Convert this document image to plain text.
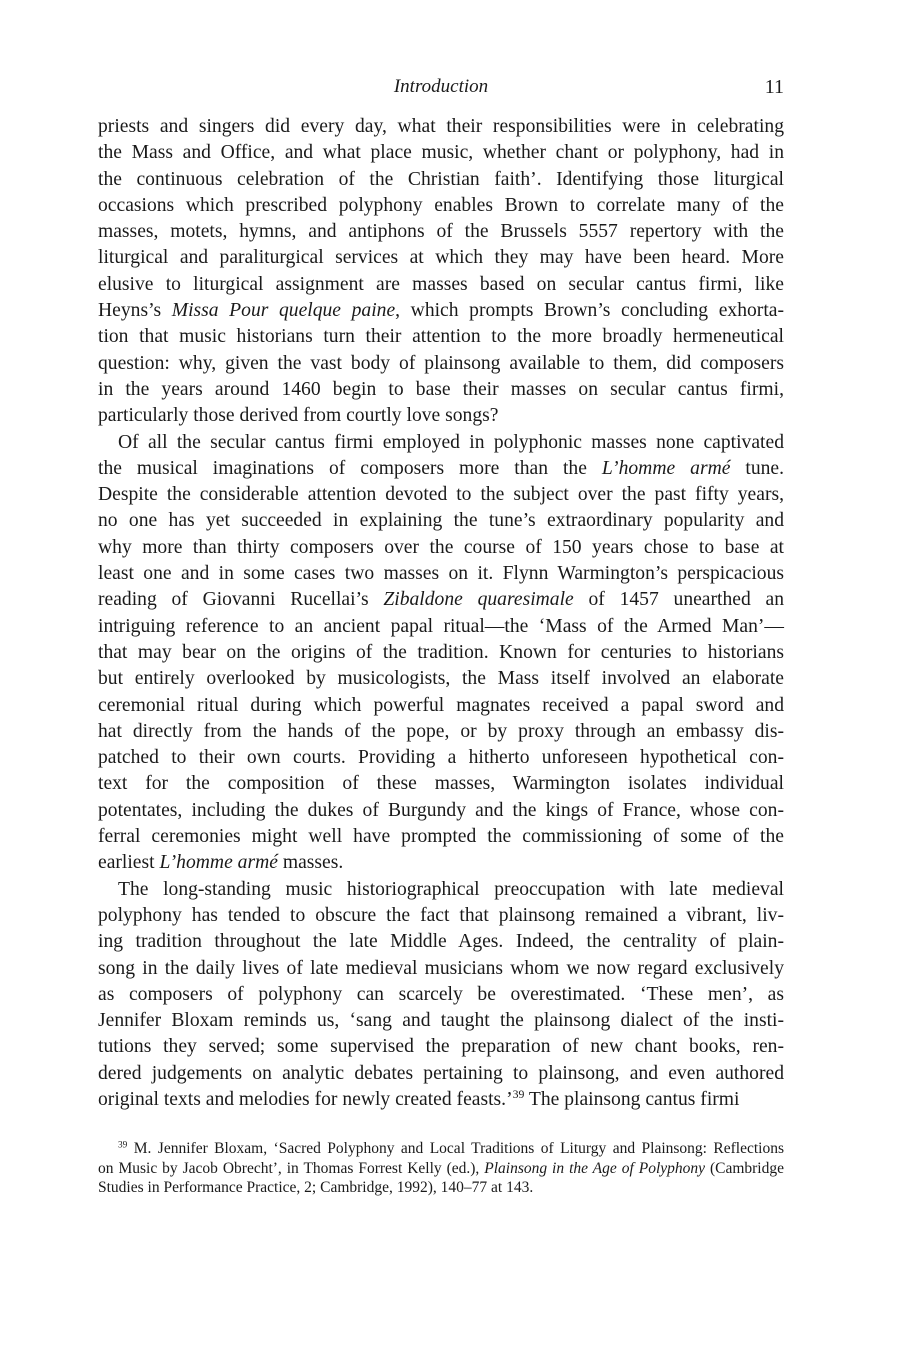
Introduction	11
priests and singers did every day, what their responsibilities were in celebrating
the Mass and Office, and what place music, whether chant or polyphony, had in
the continuous celebration of the Christian faith’. Identifying those liturgical
occasions which prescribed polyphony enables Brown to correlate many of the
masses, motets, hymns, and antiphons of the Brussels 5557 repertory with the
liturgical and paraliturgical services at which they may have been heard. More
elusive to liturgical assignment are masses based on secular cantus firmi, like
Heyns’s Missa Pour quelque paine, which prompts Brown’s concluding exhorta-
tion that music historians turn their attention to the more broadly hermeneutical
question: why, given the vast body of plainsong available to them, did composers
in the years around 1460 begin to base their masses on secular cantus firmi,
particularly those derived from courtly love songs?
Of all the secular cantus firmi employed in polyphonic masses none captivated
the musical imaginations of composers more than the L’homme armé tune.
Despite the considerable attention devoted to the subject over the past fifty years,
no one has yet succeeded in explaining the tune’s extraordinary popularity and
why more than thirty composers over the course of 150 years chose to base at
least one and in some cases two masses on it. Flynn Warmington’s perspicacious
reading of Giovanni Rucellai’s Zibaldone quaresimale of 1457 unearthed an
intriguing reference to an ancient papal ritual—the ‘Mass of the Armed Man’—
that may bear on the origins of the tradition. Known for centuries to historians
but entirely overlooked by musicologists, the Mass itself involved an elaborate
ceremonial ritual during which powerful magnates received a papal sword and
hat directly from the hands of the pope, or by proxy through an embassy dis-
patched to their own courts. Providing a hitherto unforeseen hypothetical con-
text for the composition of these masses, Warmington isolates individual
potentates, including the dukes of Burgundy and the kings of France, whose con-
ferral ceremonies might well have prompted the commissioning of some of the
earliest L’homme armé masses.
The long-standing music historiographical preoccupation with late medieval
polyphony has tended to obscure the fact that plainsong remained a vibrant, liv-
ing tradition throughout the late Middle Ages. Indeed, the centrality of plain-
song in the daily lives of late medieval musicians whom we now regard exclusively
as composers of polyphony can scarcely be overestimated. ‘These men’, as
Jennifer Bloxam reminds us, ‘sang and taught the plainsong dialect of the insti-
tutions they served; some supervised the preparation of new chant books, ren-
dered judgements on analytic debates pertaining to plainsong, and even authored
original texts and melodies for newly created feasts.’$^{39}$ The plainsong cantus firmi
$^{39}$ M. Jennifer Bloxam, ‘Sacred Polyphony and Local Traditions of Liturgy and Plainsong: Reflections
on Music by Jacob Obrecht’, in Thomas Forrest Kelly (ed.), Plainsong in the Age of Polyphony (Cambridge
Studies in Performance Practice, 2; Cambridge, 1992), 140–77 at 143.
